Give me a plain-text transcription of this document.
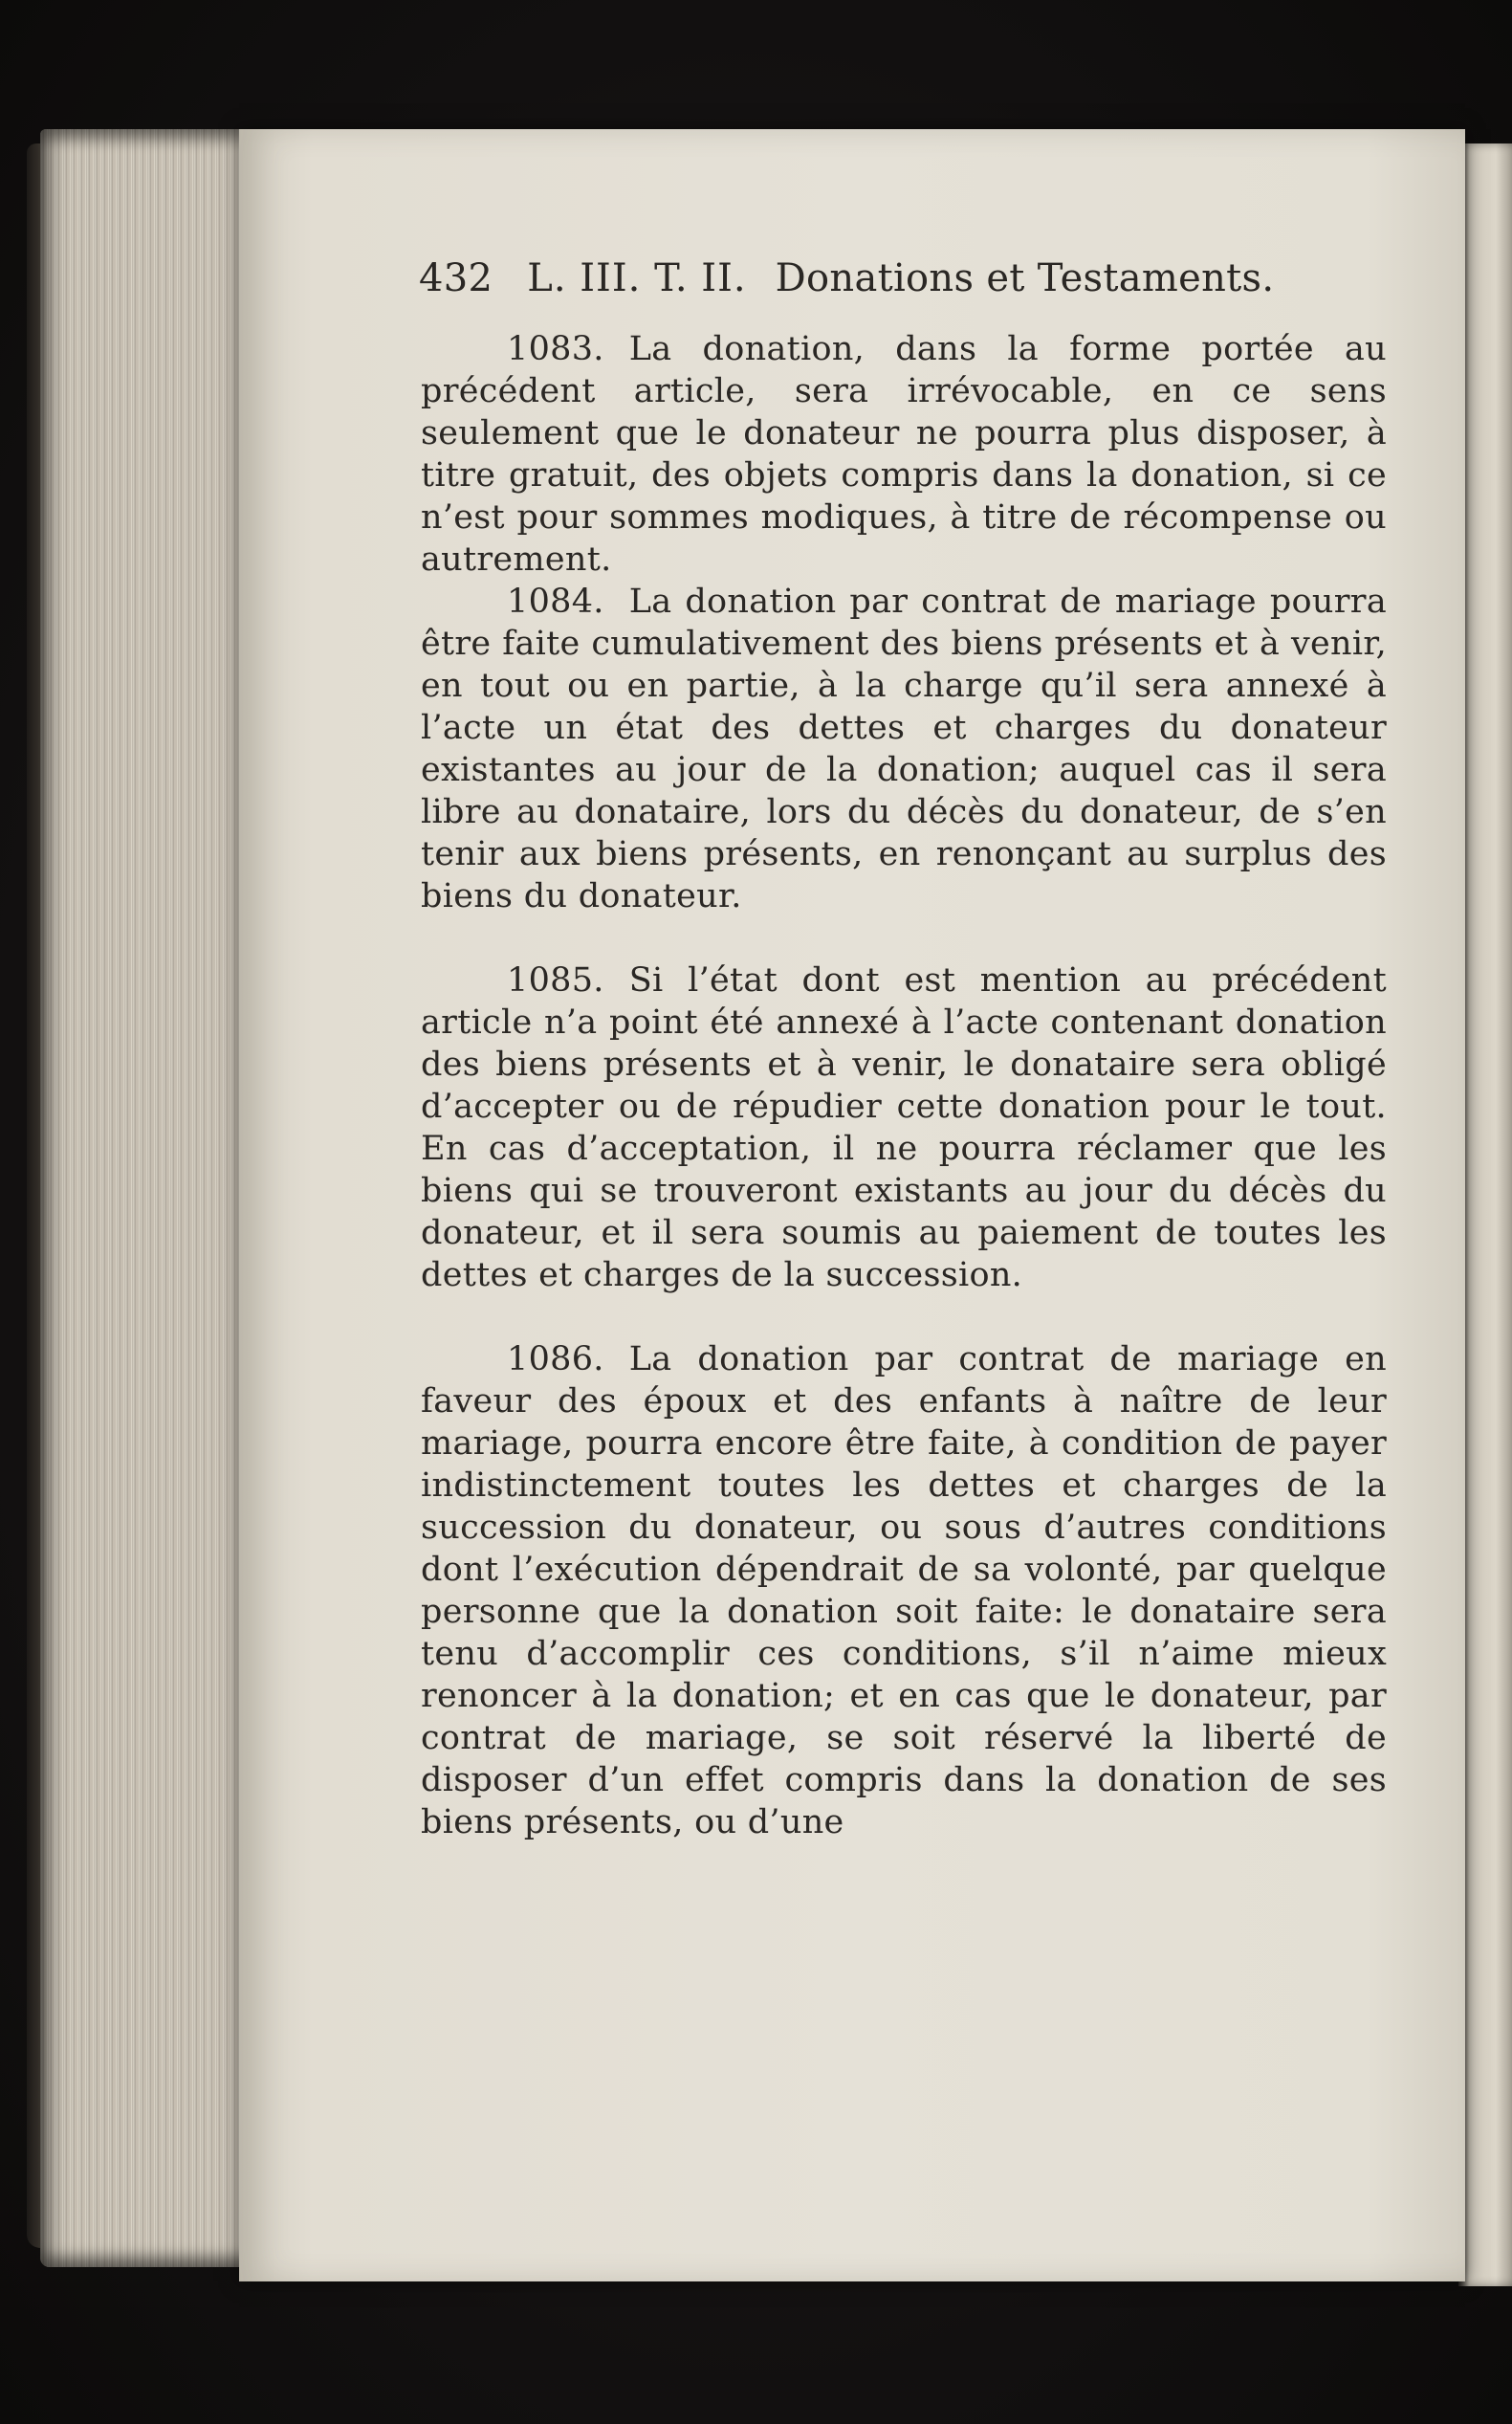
432 L. III. T. II. Donations et Testaments.

1083. La donation, dans la forme portée au précédent article, sera irrévocable, en ce sens seulement que le donateur ne pourra plus disposer, à titre gratuit, des objets compris dans la donation, si ce n’est pour sommes modiques, à titre de récompense ou autrement.

1084. La donation par contrat de mariage pourra être faite cumulativement des biens présents et à venir, en tout ou en partie, à la charge qu’il sera annexé à l’acte un état des dettes et charges du donateur existantes au jour de la donation; auquel cas il sera libre au donataire, lors du décès du donateur, de s’en tenir aux biens présents, en renonçant au surplus des biens du donateur.

1085. Si l’état dont est mention au précédent article n’a point été annexé à l’acte contenant donation des biens présents et à venir, le donataire sera obligé d’accepter ou de répudier cette donation pour le tout. En cas d’acceptation, il ne pourra réclamer que les biens qui se trouveront existants au jour du décès du donateur, et il sera soumis au paiement de toutes les dettes et charges de la succession.

1086. La donation par contrat de mariage en faveur des époux et des enfants à naître de leur mariage, pourra encore être faite, à condition de payer indistinctement toutes les dettes et charges de la succession du donateur, ou sous d’autres conditions dont l’exécution dépendrait de sa volonté, par quelque personne que la donation soit faite: le donataire sera tenu d’accomplir ces conditions, s’il n’aime mieux renoncer à la donation; et en cas que le donateur, par contrat de mariage, se soit réservé la liberté de disposer d’un effet compris dans la donation de ses biens présents, ou d’une
